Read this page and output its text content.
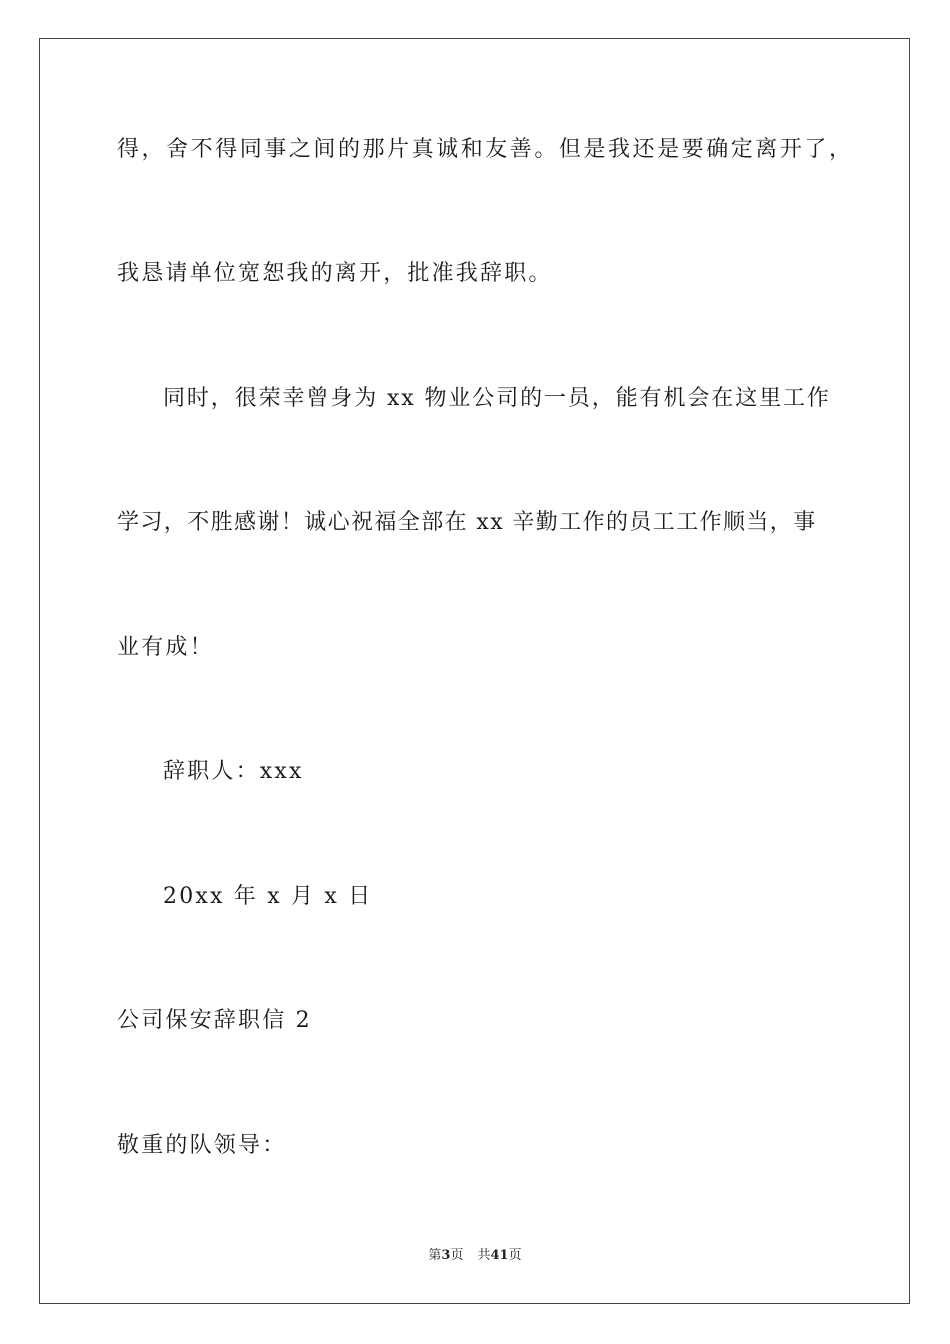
得，舍不得同事之间的那片真诚和友善。但是我还是要确定离开了，
我恳请单位宽恕我的离开，批准我辞职。
同时，很荣幸曾身为 xx 物业公司的一员，能有机会在这里工作
学习，不胜感谢！诚心祝福全部在 xx 辛勤工作的员工工作顺当，事
业有成！
辞职人：xxx
20xx 年 x 月 x 日
公司保安辞职信 2
敬重的队领导：
第3页 共41页
